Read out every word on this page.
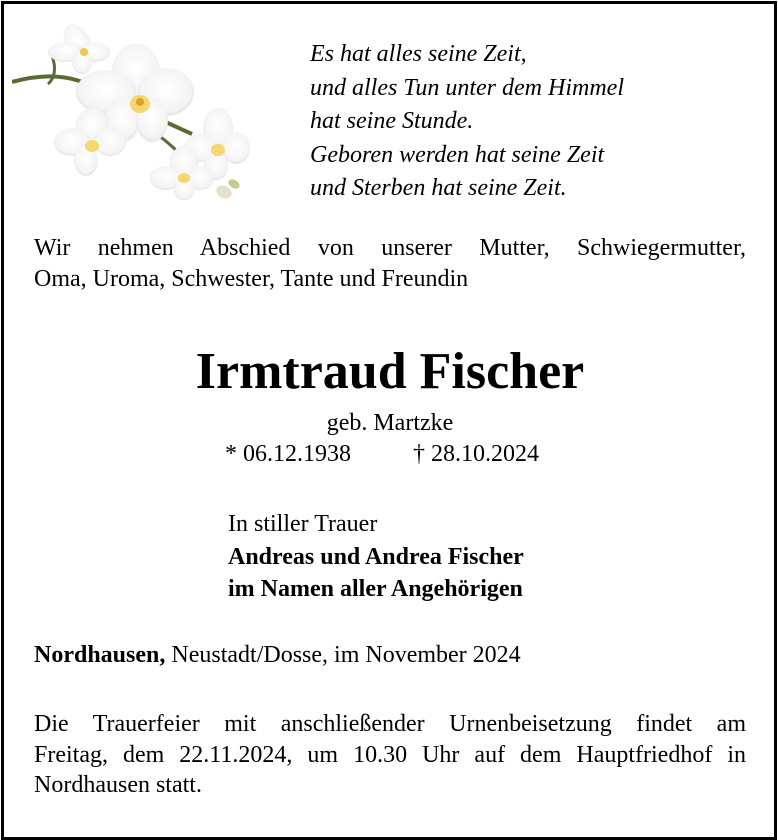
Es hat alles seine Zeit,
und alles Tun unter dem Himmel
hat seine Stunde.
Geboren werden hat seine Zeit
und Sterben hat seine Zeit.
Wir nehmen Abschied von unserer Mutter, Schwiegermutter,
Oma, Uroma, Schwester, Tante und Freundin
Irmtraud Fischer
geb. Martzke
* 06.12.1938	† 28.10.2024
In stiller Trauer
Andreas und Andrea Fischer
im Namen aller Angehörigen
Nordhausen, Neustadt/Dosse, im November 2024
Die Trauerfeier mit anschließender Urnenbeisetzung findet am
Freitag, dem 22.11.2024, um 10.30 Uhr auf dem Hauptfriedhof in
Nordhausen statt.
